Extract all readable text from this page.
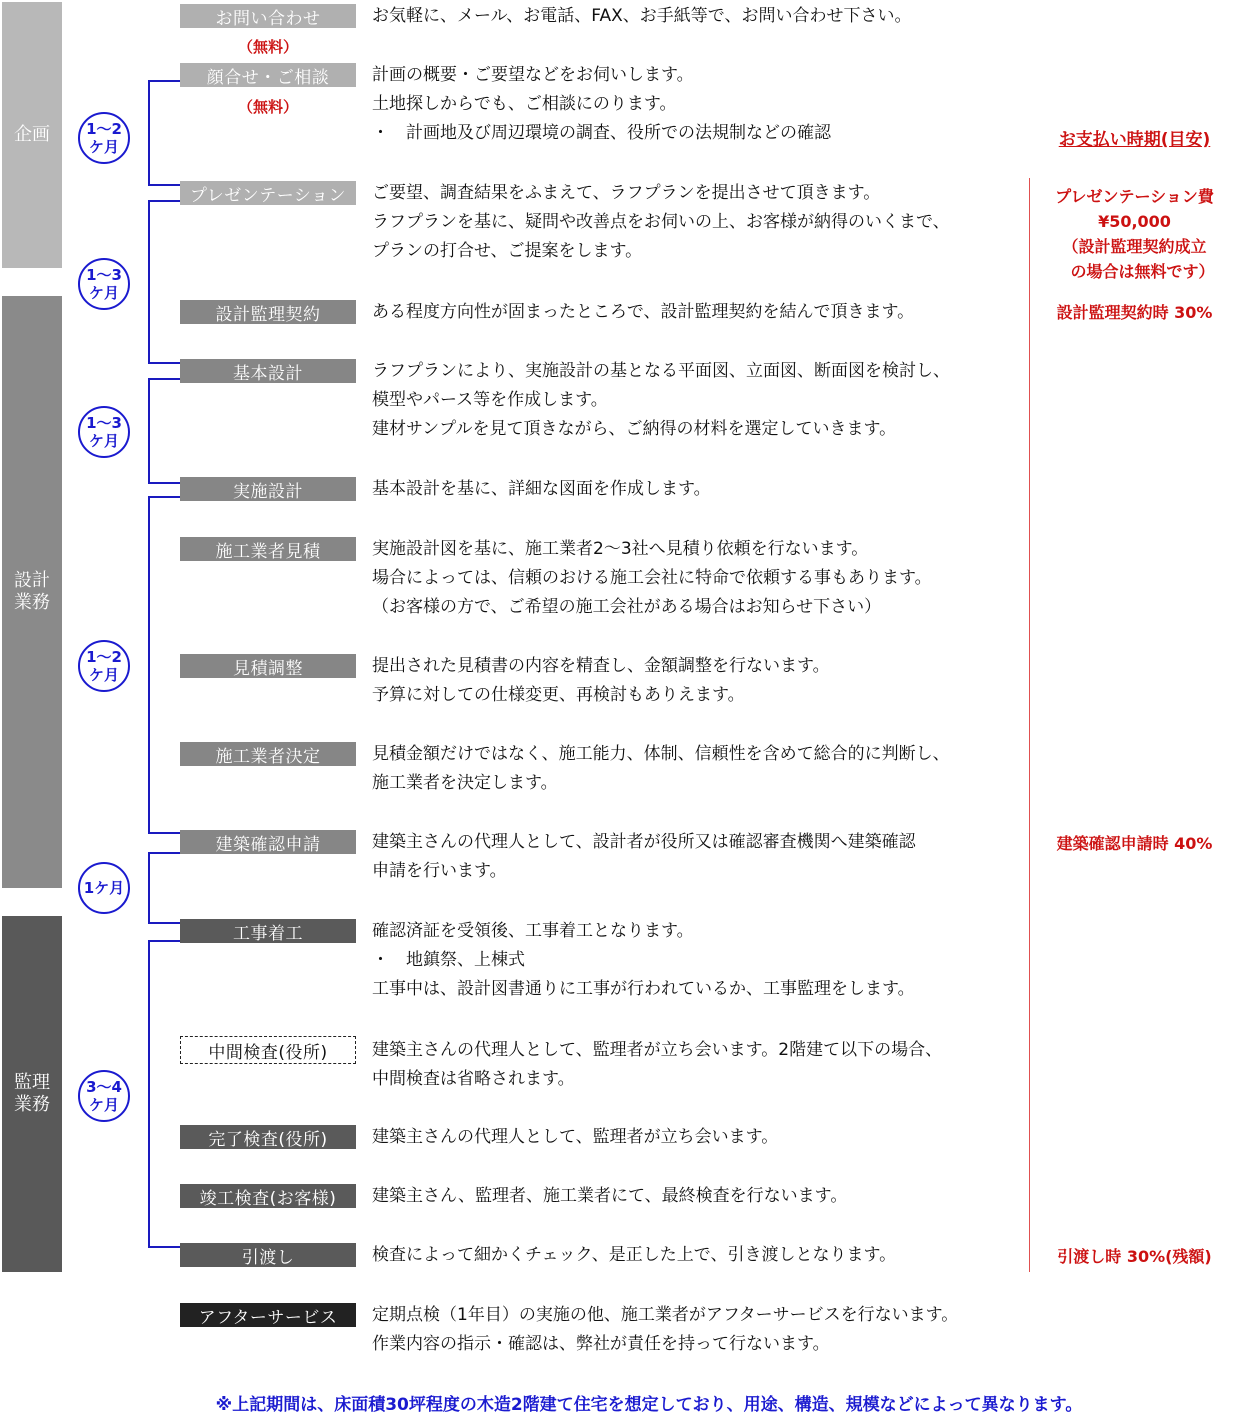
企画
設計
業務
監理
業務
1〜2
ケ月
1〜3
ケ月
1〜3
ケ月
1〜2
ケ月
1ケ月
3〜4
ケ月
お問い合わせ
（無料）
顔合せ・ご相談
（無料）
プレゼンテーション
設計監理契約
基本設計
実施設計
施工業者見積
見積調整
施工業者決定
建築確認申請
工事着工
中間検査(役所)
完了検査(役所)
竣工検査(お客様)
引渡し
アフターサービス
お気軽に、メール、お電話、FAX、お手紙等で、お問い合わせ下さい。
計画の概要・ご要望などをお伺いします。
土地探しからでも、ご相談にのります。
・　計画地及び周辺環境の調査、役所での法規制などの確認
ご要望、調査結果をふまえて、ラフプランを提出させて頂きます。
ラフプランを基に、疑問や改善点をお伺いの上、お客様が納得のいくまで、
プランの打合せ、ご提案をします。
ある程度方向性が固まったところで、設計監理契約を結んで頂きます。
ラフプランにより、実施設計の基となる平面図、立面図、断面図を検討し、
模型やパース等を作成します。
建材サンプルを見て頂きながら、ご納得の材料を選定していきます。
基本設計を基に、詳細な図面を作成します。
実施設計図を基に、施工業者2〜3社へ見積り依頼を行ないます。
場合によっては、信頼のおける施工会社に特命で依頼する事もあります。
（お客様の方で、ご希望の施工会社がある場合はお知らせ下さい）
提出された見積書の内容を精査し、金額調整を行ないます。
予算に対しての仕様変更、再検討もありえます。
見積金額だけではなく、施工能力、体制、信頼性を含めて総合的に判断し、
施工業者を決定します。
建築主さんの代理人として、設計者が役所又は確認審査機関へ建築確認
申請を行います。
確認済証を受領後、工事着工となります。
・　地鎮祭、上棟式
工事中は、設計図書通りに工事が行われているか、工事監理をします。
建築主さんの代理人として、監理者が立ち会います。2階建て以下の場合、
中間検査は省略されます。
建築主さんの代理人として、監理者が立ち会います。
建築主さん、監理者、施工業者にて、最終検査を行ないます。
検査によって細かくチェック、是正した上で、引き渡しとなります。
定期点検（1年目）の実施の他、施工業者がアフターサービスを行ないます。
作業内容の指示・確認は、弊社が責任を持って行ないます。
お支払い時期(目安)
プレゼンテーション費
¥50,000
（設計監理契約成立
　の場合は無料です）
設計監理契約時 30%
建築確認申請時 40%
引渡し時 30%(残額)
※上記期間は、床面積30坪程度の木造2階建て住宅を想定しており、用途、構造、規模などによって異なります。
